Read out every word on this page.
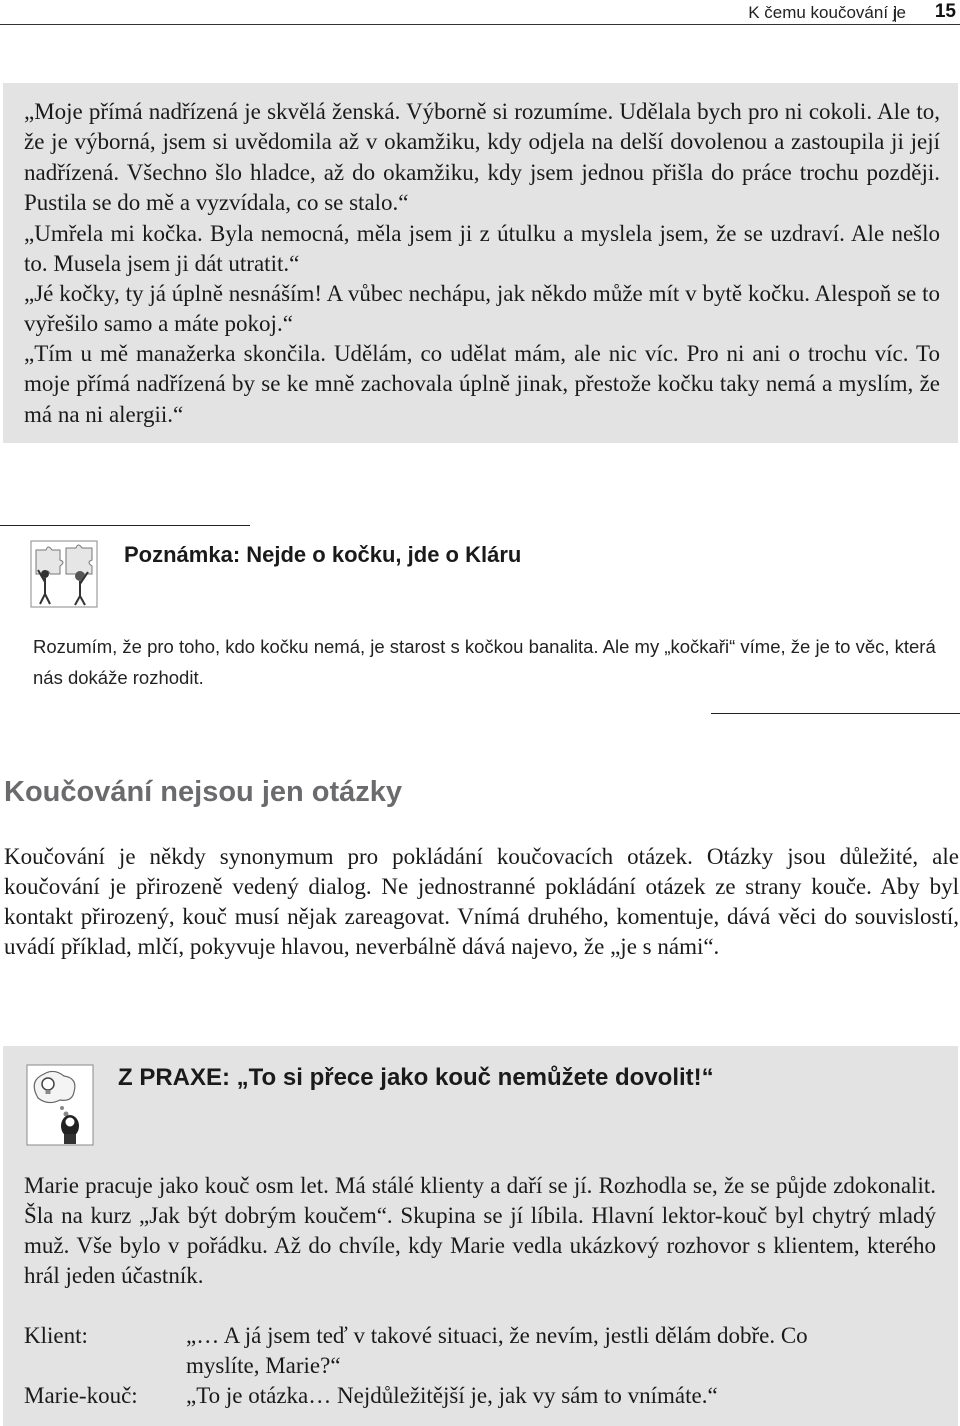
K čemu koučování je 15

„Moje přímá nadřízená je skvělá ženská. Výborně si rozumíme. Udělala bych pro ni cokoli. Ale to, že je výborná, jsem si uvědomila až v okamžiku, kdy odjela na delší dovolenou a zastoupila ji její nadřízená. Všechno šlo hladce, až do okamžiku, kdy jsem jednou přišla do práce trochu později. Pustila se do mě a vyzvídala, co se stalo.“

„Umřela mi kočka. Byla nemocná, měla jsem ji z útulku a myslela jsem, že se uzdraví. Ale nešlo to. Musela jsem ji dát utratit.“

„Jé kočky, ty já úplně nesnáším! A vůbec nechápu, jak někdo může mít v bytě kočku. Alespoň se to vyřešilo samo a máte pokoj.“

„Tím u mě manažerka skončila. Udělám, co udělat mám, ale nic víc. Pro ni ani o trochu víc. To moje přímá nadřízená by se ke mně zachovala úplně jinak, přestože kočku taky nemá a myslím, že má na ni alergii.“

Poznámka: Nejde o kočku, jde o Kláru
Rozumím, že pro toho, kdo kočku nemá, je starost s kočkou banalita. Ale my „kočkaři“ víme, že je to věc, která nás dokáže rozhodit.
Koučování nejsou jen otázky

Koučování je někdy synonymum pro pokládání koučovacích otázek. Otázky jsou důležité, ale koučování je přirozeně vedený dialog. Ne jednostranné pokládání otázek ze strany kouče. Aby byl kontakt přirozený, kouč musí nějak zareagovat. Vnímá druhého, komentuje, dává věci do souvislostí, uvádí příklad, mlčí, pokyvuje hlavou, neverbálně dává najevo, že „je s námi“.

Z PRAXE: „To si přece jako kouč nemůžete dovolit!“

Marie pracuje jako kouč osm let. Má stálé klienty a daří se jí. Rozhodla se, že se půjde zdokonalit. Šla na kurz „Jak být dobrým koučem“. Skupina se jí líbila. Hlavní lektor-kouč byl chytrý mladý muž. Vše bylo v pořádku. Až do chvíle, kdy Marie vedla ukázkový rozhovor s klientem, kterého hrál jeden účastník.

Klient:	„… A já jsem teď v takové situaci, že nevím, jestli dělám dobře. Co
myslíte, Marie?“
Marie-kouč: „To je otázka… Nejdůležitější je, jak vy sám to vnímáte.“
